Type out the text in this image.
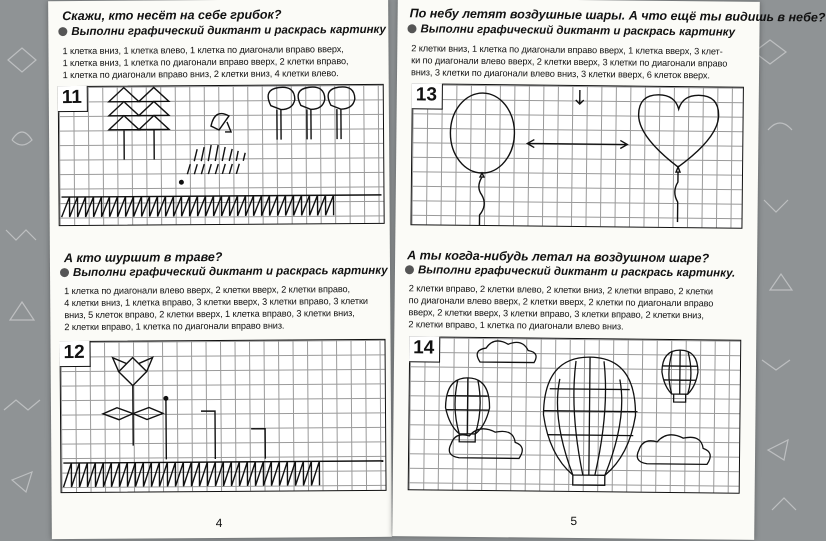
Скажи, кто несёт на себе грибок?
Выполни графический диктант и раскрась картинку
1 клетка вниз, 1 клетка влево, 1 клетка по диагонали вправо вверх,
1 клетка вниз, 1 клетка по диагонали вправо вверх, 2 клетки вправо,
1 клетка по диагонали вправо вниз, 2 клетки вниз, 4 клетки влево.
11
А кто шуршит в траве?
Выполни графический диктант и раскрась картинку
1 клетка по диагонали влево вверх, 2 клетки вверх, 2 клетки вправо,
4 клетки вниз, 1 клетка вправо, 3 клетки вверх, 3 клетки вправо, 3 клетки
вниз, 5 клеток вправо, 2 клетки вверх, 1 клетка вправо, 3 клетки вниз,
2 клетки вправо, 1 клетка по диагонали вправо вниз.
12
4
По небу летят воздушные шары. А что ещё ты видишь в небе?
Выполни графический диктант и раскрась картинку
2 клетки вниз, 1 клетка по диагонали вправо вверх, 1 клетка вверх, 3 клет-
ки по диагонали влево вверх, 2 клетки вверх, 3 клетки по диагонали вправо
вниз, 3 клетки по диагонали влево вниз, 3 клетки вверх, 6 клеток вверх.
13
А ты когда-нибудь летал на воздушном шаре?
Выполни графический диктант и раскрась картинку.
2 клетки вправо, 2 клетки влево, 2 клетки вниз, 2 клетки вправо, 2 клетки
по диагонали влево вверх, 2 клетки вверх, 2 клетки по диагонали вправо
вверх, 2 клетки вверх, 3 клетки вправо, 3 клетки вправо, 2 клетки вниз,
2 клетки вправо, 1 клетка по диагонали влево вниз.
14
5
